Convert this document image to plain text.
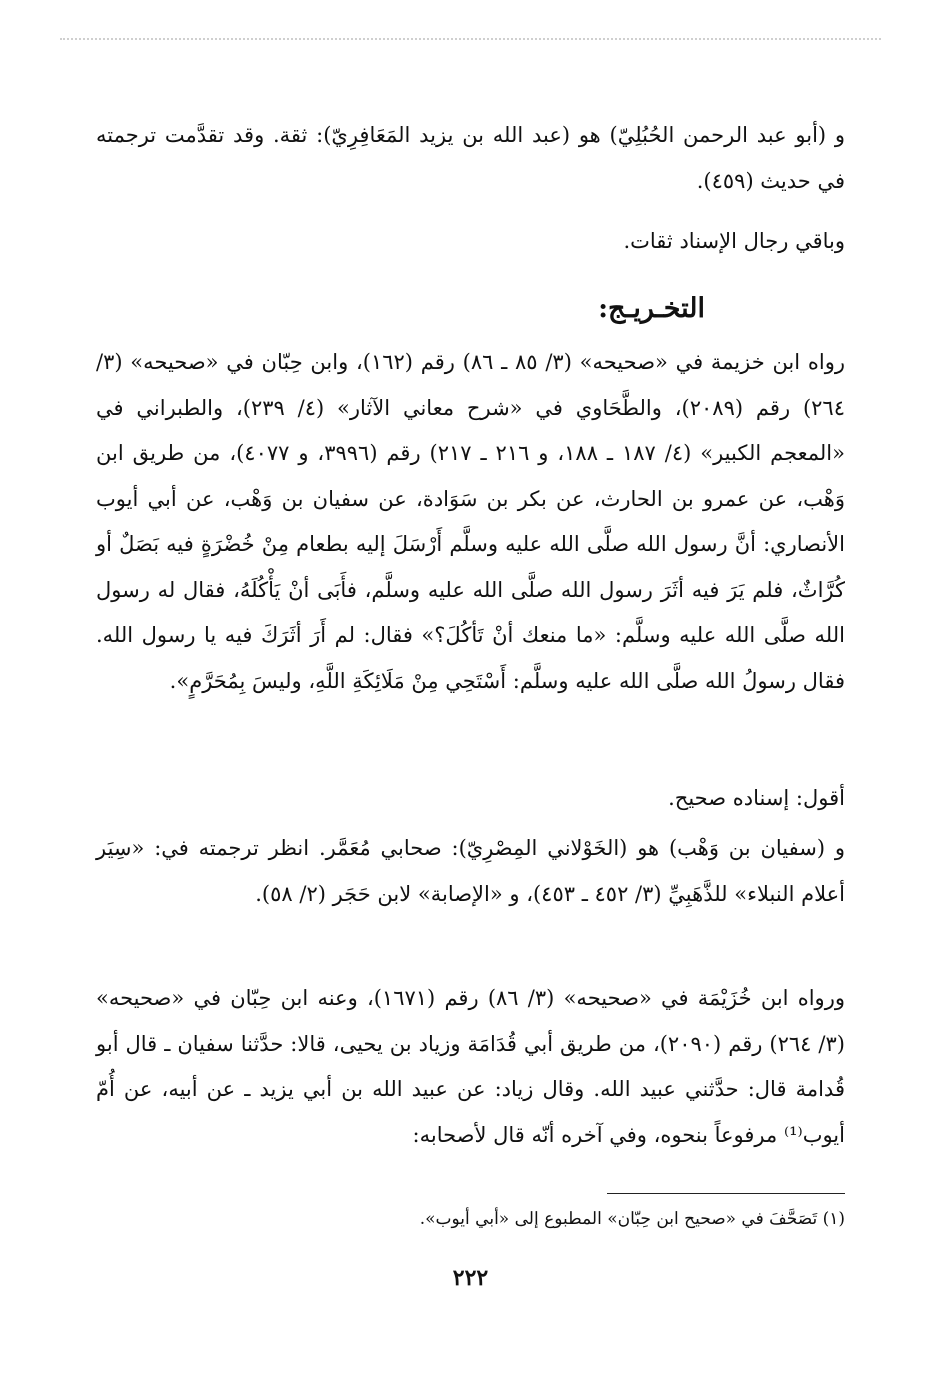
و (أبو عبد الرحمن الحُبُلِيّ) هو (عبد الله بن يزيد المَعَافِرِيّ): ثقة. وقد تقدَّمت ترجمته في حديث (٤٥٩).

وباقي رجال الإسناد ثقات.

التخـريـج:

رواه ابن خزيمة في «صحيحه» (٣/ ٨٥ ـ ٨٦) رقم (١٦٢)، وابن حِبّان في «صحيحه» (٣/ ٢٦٤) رقم (٢٠٨٩)، والطَّحَاوي في «شرح معاني الآثار» (٤/ ٢٣٩)، والطبراني في «المعجم الكبير» (٤/ ١٨٧ ـ ١٨٨، و ٢١٦ ـ ٢١٧) رقم (٣٩٩٦، و ٤٠٧٧)، من طريق ابن وَهْب، عن عمرو بن الحارث، عن بكر بن سَوَادة، عن سفيان بن وَهْب، عن أبي أيوب الأنصاري: أنَّ رسول الله صلَّى الله عليه وسلَّم أَرْسَلَ إليه بطعام مِنْ خُضْرَةٍ فيه بَصَلٌ أو كُرَّاثٌ، فلم يَرَ فيه أثَرَ رسول الله صلَّى الله عليه وسلَّم، فأَبَى أنْ يَأْكُلَهُ، فقال له رسول الله صلَّى الله عليه وسلَّم: «ما منعك أنْ تَأكُلَ؟» فقال: لم أَرَ أثَرَكَ فيه يا رسول الله. فقال رسولُ الله صلَّى الله عليه وسلَّم: أَسْتَحِي مِنْ مَلَائِكَةِ اللَّهِ، وليسَ بِمُحَرَّمٍ».

أقول: إسناده صحيح.

و (سفيان بن وَهْب) هو (الخَوْلاني المِصْرِيّ): صحابي مُعَمَّر. انظر ترجمته في: «سِيَر أعلام النبلاء» للذَّهَبِيِّ (٣/ ٤٥٢ ـ ٤٥٣)، و «الإصابة» لابن حَجَر (٢/ ٥٨).

ورواه ابن خُزَيْمَة في «صحيحه» (٣/ ٨٦) رقم (١٦٧١)، وعنه ابن حِبّان في «صحيحه» (٣/ ٢٦٤) رقم (٢٠٩٠)، من طريق أبي قُدَامَة وزياد بن يحيى، قالا: حدَّثنا سفيان ـ قال أبو قُدامة قال: حدَّثني عبيد الله. وقال زياد: عن عبيد الله بن أبي يزيد ـ عن أبيه، عن أُمّ أيوب⁽¹⁾ مرفوعاً بنحوه، وفي آخره أنّه قال لأصحابه:

(١) تَصَحَّفَ في «صحيح ابن حِبّان» المطبوع إلى «أبي أيوب».

٢٢٢
